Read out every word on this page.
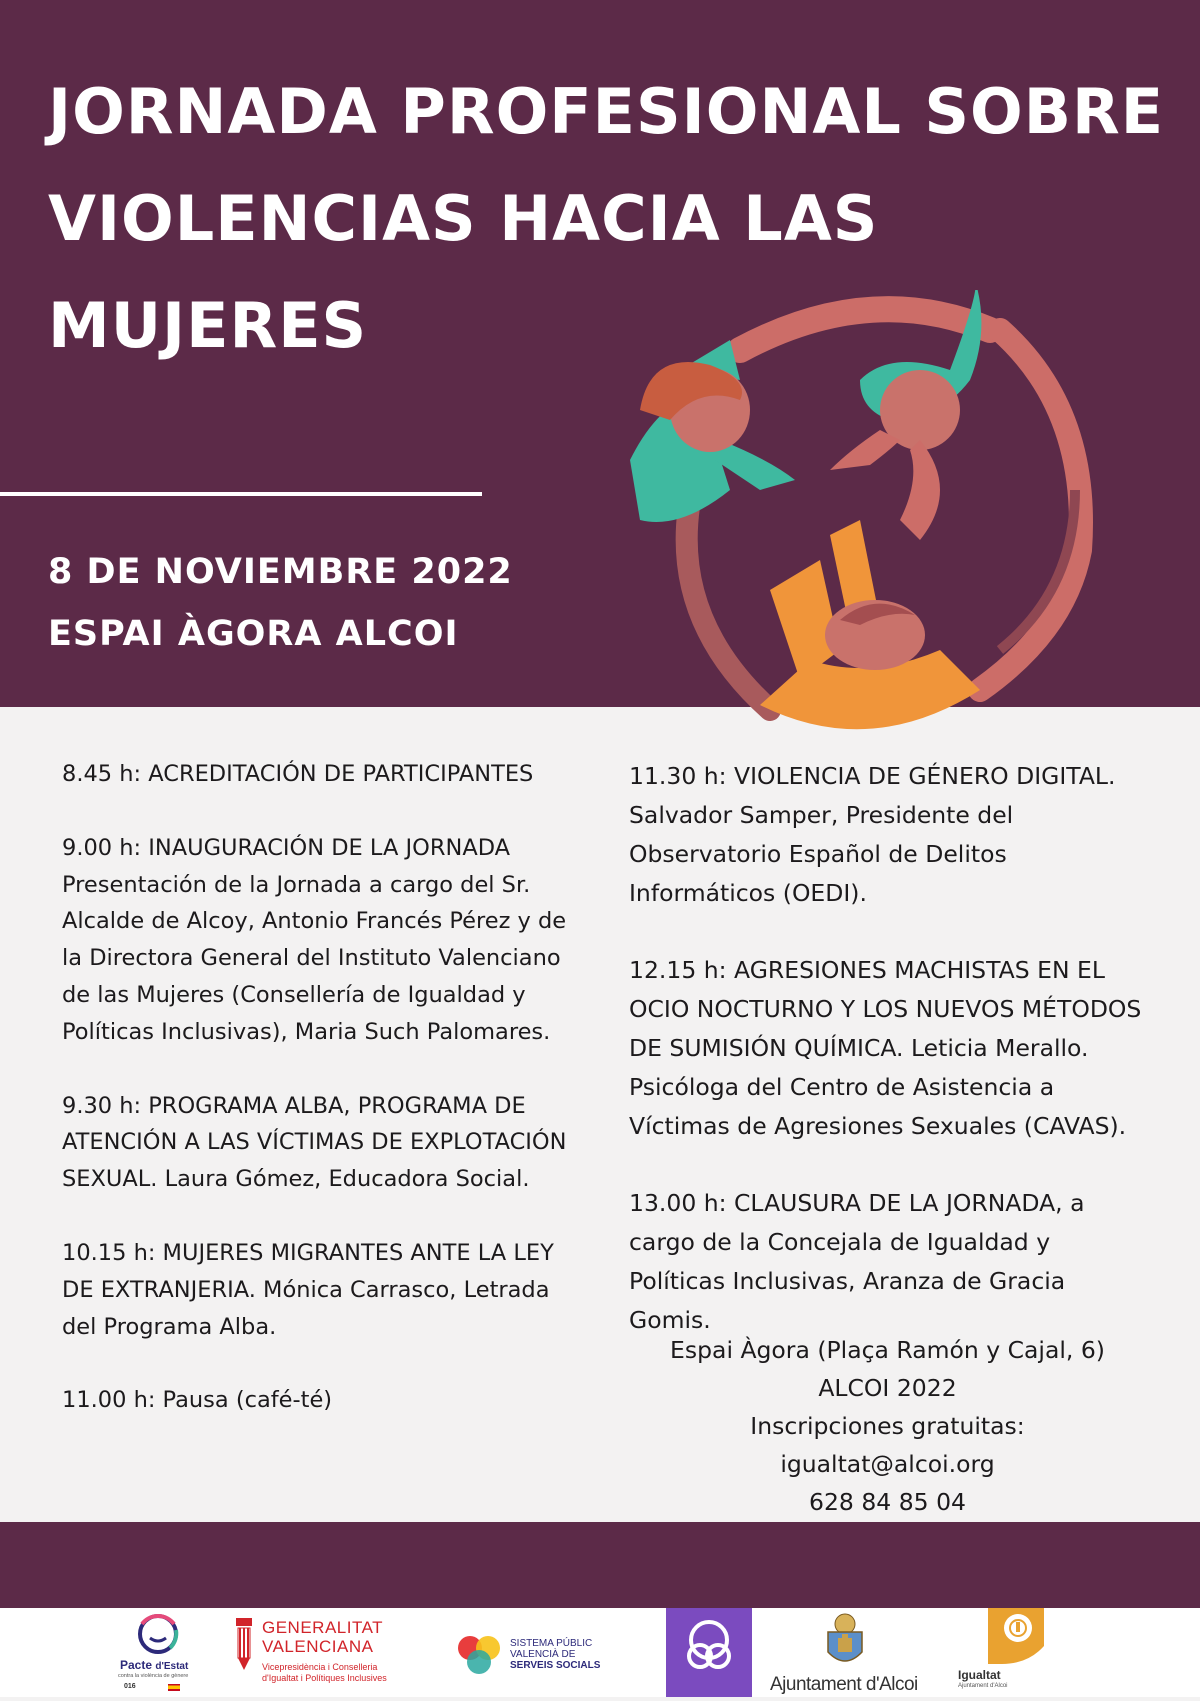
JORNADA PROFESIONAL SOBRE
VIOLENCIAS HACIA LAS
MUJERES
8 DE NOVIEMBRE 2022
ESPAI ÀGORA ALCOI
8.45 h: ACREDITACIÓN DE PARTICIPANTES
9.00 h: INAUGURACIÓN DE LA JORNADA
Presentación de la Jornada a cargo del Sr. Alcalde de Alcoy, Antonio Francés Pérez y de la Directora General del Instituto Valenciano de las Mujeres (Consellería de Igualdad y Políticas Inclusivas), Maria Such Palomares.
9.30 h: PROGRAMA ALBA, PROGRAMA DE ATENCIÓN A LAS VÍCTIMAS DE EXPLOTACIÓN SEXUAL. Laura Gómez, Educadora Social.
10.15 h: MUJERES MIGRANTES ANTE LA LEY DE EXTRANJERIA. Mónica Carrasco, Letrada del Programa Alba.
11.00 h: Pausa (café-té)
11.30 h: VIOLENCIA DE GÉNERO DIGITAL. Salvador Samper, Presidente del Observatorio Español de Delitos Informáticos (OEDI).
12.15 h: AGRESIONES MACHISTAS EN EL OCIO NOCTURNO Y LOS NUEVOS MÉTODOS DE SUMISIÓN QUÍMICA. Leticia Merallo. Psicóloga del Centro de Asistencia a Víctimas de Agresiones Sexuales (CAVAS).
13.00 h: CLAUSURA DE LA JORNADA, a cargo de la Concejala de Igualdad y Políticas Inclusivas, Aranza de Gracia Gomis.
Espai Àgora (Plaça Ramón y Cajal, 6)
ALCOI 2022
Inscripciones gratuitas:
igualtat@alcoi.org
628 84 85 04
Pacte d'Estat
contra la violència de gènere
016
GENERALITAT
VALENCIANA
Vicepresidència i Conselleria
d'Igualtat i Polítiques Inclusives
SISTEMA PÚBLIC
VALENCIÀ DE
SERVEIS SOCIALS
Ajuntament d'Alcoi	Igualtat
Ajuntament d'Alcoi
